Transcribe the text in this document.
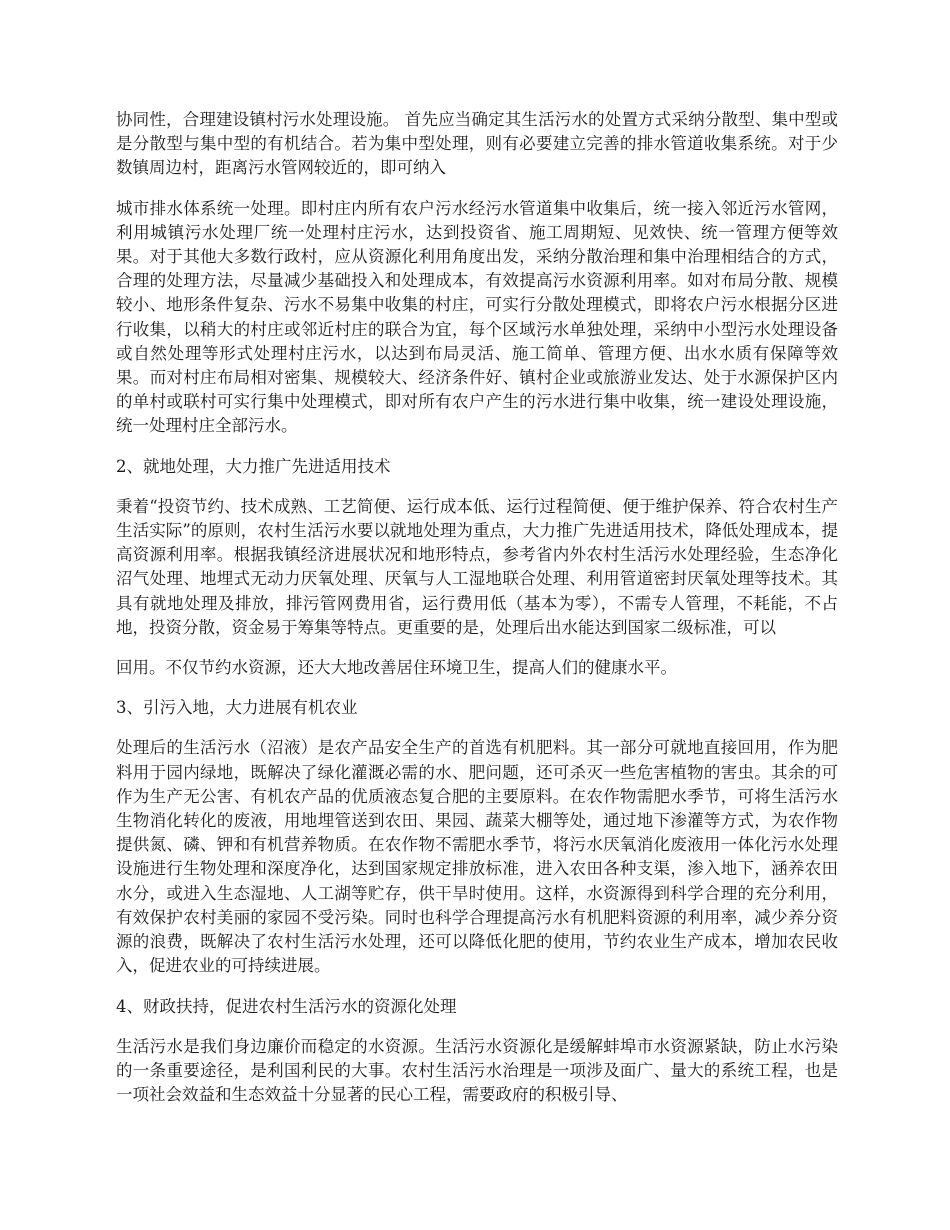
协同性，合理建设镇村污水处理设施。 首先应当确定其生活污水的处置方式采纳分散型、集中型或是分散型与集中型的有机结合。若为集中型处理，则有必要建立完善的排水管道收集系统。对于少数镇周边村，距离污水管网较近的，即可纳入

城市排水体系统一处理。即村庄内所有农户污水经污水管道集中收集后，统一接入邻近污水管网，利用城镇污水处理厂统一处理村庄污水，达到投资省、施工周期短、见效快、统一管理方便等效果。对于其他大多数行政村，应从资源化利用角度出发，采纳分散治理和集中治理相结合的方式，合理的处理方法，尽量减少基础投入和处理成本，有效提高污水资源利用率。如对布局分散、规模较小、地形条件复杂、污水不易集中收集的村庄，可实行分散处理模式，即将农户污水根据分区进行收集，以稍大的村庄或邻近村庄的联合为宜，每个区域污水单独处理，采纳中小型污水处理设备或自然处理等形式处理村庄污水，以达到布局灵活、施工简单、管理方便、出水水质有保障等效果。而对村庄布局相对密集、规模较大、经济条件好、镇村企业或旅游业发达、处于水源保护区内的单村或联村可实行集中处理模式，即对所有农户产生的污水进行集中收集，统一建设处理设施，统一处理村庄全部污水。

2、就地处理，大力推广先进适用技术

秉着“投资节约、技术成熟、工艺简便、运行成本低、运行过程简便、便于维护保养、符合农村生产生活实际”的原则，农村生活污水要以就地处理为重点，大力推广先进适用技术，降低处理成本，提高资源利用率。根据我镇经济进展状况和地形特点，参考省内外农村生活污水处理经验，生态净化沼气处理、地埋式无动力厌氧处理、厌氧与人工湿地联合处理、利用管道密封厌氧处理等技术。其具有就地处理及排放，排污管网费用省，运行费用低（基本为零），不需专人管理，不耗能，不占地，投资分散，资金易于筹集等特点。更重要的是，处理后出水能达到国家二级标准，可以

回用。不仅节约水资源，还大大地改善居住环境卫生，提高人们的健康水平。

3、引污入地，大力进展有机农业

处理后的生活污水（沼液）是农产品安全生产的首选有机肥料。其一部分可就地直接回用，作为肥料用于园内绿地，既解决了绿化灌溉必需的水、肥问题，还可杀灭一些危害植物的害虫。其余的可作为生产无公害、有机农产品的优质液态复合肥的主要原料。在农作物需肥水季节，可将生活污水生物消化转化的废液，用地埋管送到农田、果园、蔬菜大棚等处，通过地下渗灌等方式，为农作物提供氮、磷、钾和有机营养物质。在农作物不需肥水季节，将污水厌氧消化废液用一体化污水处理设施进行生物处理和深度净化，达到国家规定排放标准，进入农田各种支渠，渗入地下，涵养农田水分，或进入生态湿地、人工湖等贮存，供干旱时使用。这样，水资源得到科学合理的充分利用，有效保护农村美丽的家园不受污染。同时也科学合理提高污水有机肥料资源的利用率，减少养分资源的浪费，既解决了农村生活污水处理，还可以降低化肥的使用，节约农业生产成本，增加农民收入，促进农业的可持续进展。

4、财政扶持，促进农村生活污水的资源化处理

生活污水是我们身边廉价而稳定的水资源。生活污水资源化是缓解蚌埠市水资源紧缺，防止水污染的一条重要途径，是利国利民的大事。农村生活污水治理是一项涉及面广、量大的系统工程，也是一项社会效益和生态效益十分显著的民心工程，需要政府的积极引导、
